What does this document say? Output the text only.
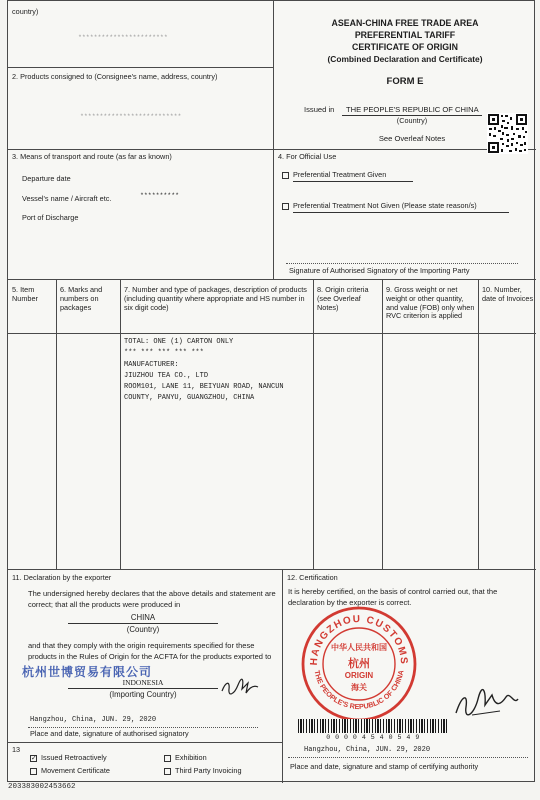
country)
***********************
ASEAN-CHINA FREE TRADE AREA
PREFERENTIAL TARIFF
CERTIFICATE OF ORIGIN
(Combined Declaration and Certificate)
FORM E
Issued in THE PEOPLE'S REPUBLIC OF CHINA
(Country)
See Overleaf Notes
2. Products consigned to (Consignee's name, address, country)
**************************
3. Means of transport and route (as far as known)
Departure date
Vessel's name / Aircraft etc.	**********
Port of Discharge
4. For Official Use
Preferential Treatment Given
Preferential Treatment Not Given (Please state reason/s)
Signature of Authorised Signatory of the Importing Party
5. Item Number
6. Marks and numbers on packages
7. Number and type of packages, description of products (including quantity where appropriate and HS number in six digit code)
8. Origin criteria (see Overleaf Notes)
9. Gross weight or net weight or other quantity, and value (FOB) only when RVC criterion is applied
10. Number, date of Invoices
TOTAL: ONE (1) CARTON ONLY
*** *** *** *** ***
MANUFACTURER:
JIUZHOU TEA CO., LTD
ROOM101, LANE 11, BEIYUAN ROAD, NANCUN
COUNTY, PANYU, GUANGZHOU, CHINA
11. Declaration by the exporter
The undersigned hereby declares that the above details and statement are correct; that all the products were produced in
CHINA
(Country)
and that they comply with the origin requirements specified for these products in the Rules of Origin for the ACFTA for the products exported to
INDONESIA
(Importing Country)
杭州世博贸易有限公司
Hangzhou, China, JUN. 29, 2020
Place and date, signature of authorised signatory
13
✓ Issued Retroactively	Exhibition
Movement Certificate	Third Party Invoicing
12. Certification
It is hereby certified, on the basis of control carried out, that the declaration by the exporter is correct.
HANGZHOU CUSTOMS
THE PEOPLE'S REPUBLIC OF CHINA
中华人民共和国
杭州
ORIGIN
海关
0 0 0 0 4 5 4 0 5 4 9
Hangzhou, China, JUN. 29, 2020
Place and date, signature and stamp of certifying authority
203383002453662
